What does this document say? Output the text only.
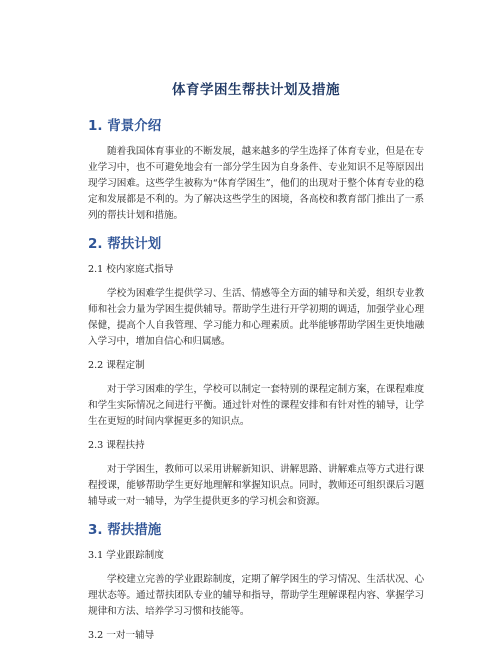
体育学困生帮扶计划及措施
1. 背景介绍

随着我国体育事业的不断发展，越来越多的学生选择了体育专业，但是在专业学习中，也不可避免地会有一部分学生因为自身条件、专业知识不足等原因出现学习困难。这些学生被称为“体育学困生”，他们的出现对于整个体育专业的稳定和发展都是不利的。为了解决这些学生的困境，各高校和教育部门推出了一系列的帮扶计划和措施。

2. 帮扶计划
2.1 校内家庭式指导

学校为困难学生提供学习、生活、情感等全方面的辅导和关爱，组织专业教师和社会力量为学困生提供辅导。帮助学生进行开学初期的调适，加强学业心理保健，提高个人自我管理、学习能力和心理素质。此举能够帮助学困生更快地融入学习中，增加自信心和归属感。

2.2 课程定制

对于学习困难的学生，学校可以制定一套特别的课程定制方案，在课程难度和学生实际情况之间进行平衡。通过针对性的课程安排和有针对性的辅导，让学生在更短的时间内掌握更多的知识点。

2.3 课程扶持

对于学困生，教师可以采用讲解新知识、讲解思路、讲解难点等方式进行课程授课，能够帮助学生更好地理解和掌握知识点。同时，教师还可组织课后习题辅导或一对一辅导，为学生提供更多的学习机会和资源。

3. 帮扶措施
3.1 学业跟踪制度

学校建立完善的学业跟踪制度，定期了解学困生的学习情况、生活状况、心理状态等。通过帮扶团队专业的辅导和指导，帮助学生理解课程内容、掌握学习规律和方法、培养学习习惯和技能等。

3.2 一对一辅导
